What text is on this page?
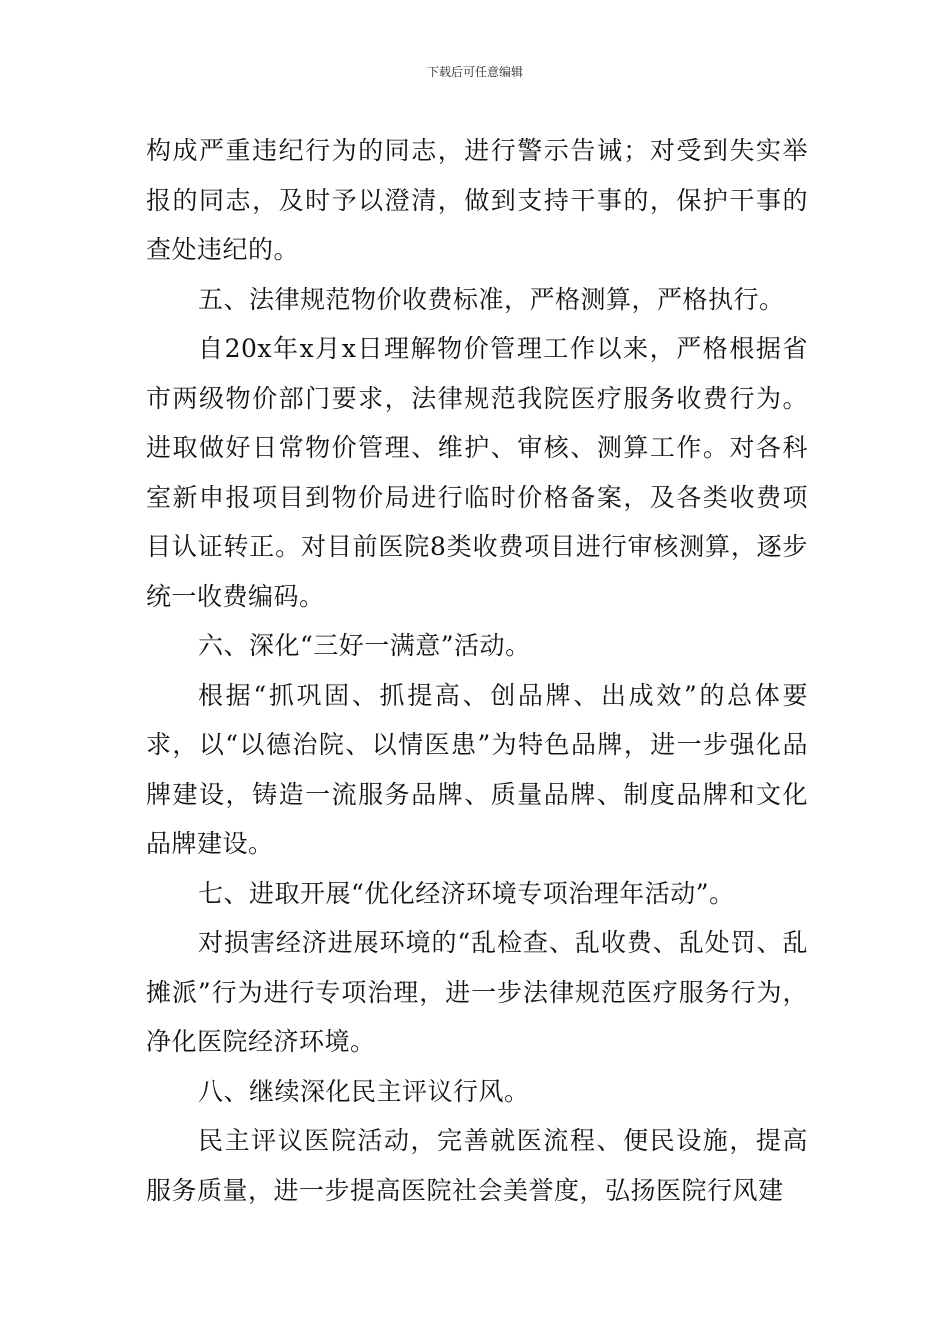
下载后可任意编辑

构成严重违纪行为的同志，进行警示告诫；对受到失实举报的同志，及时予以澄清，做到支持干事的，保护干事的查处违纪的。

五、法律规范物价收费标准，严格测算，严格执行。

自20x年x月x日理解物价管理工作以来，严格根据省市两级物价部门要求，法律规范我院医疗服务收费行为。进取做好日常物价管理、维护、审核、测算工作。对各科室新申报项目到物价局进行临时价格备案，及各类收费项目认证转正。对目前医院8类收费项目进行审核测算，逐步统一收费编码。

六、深化“三好一满意”活动。

根据“抓巩固、抓提高、创品牌、出成效”的总体要求，以“以德治院、以情医患”为特色品牌，进一步强化品牌建设，铸造一流服务品牌、质量品牌、制度品牌和文化品牌建设。

七、进取开展“优化经济环境专项治理年活动”。

对损害经济进展环境的“乱检查、乱收费、乱处罚、乱摊派”行为进行专项治理，进一步法律规范医疗服务行为，净化医院经济环境。

八、继续深化民主评议行风。

民主评议医院活动，完善就医流程、便民设施，提高服务质量，进一步提高医院社会美誉度，弘扬医院行风建
